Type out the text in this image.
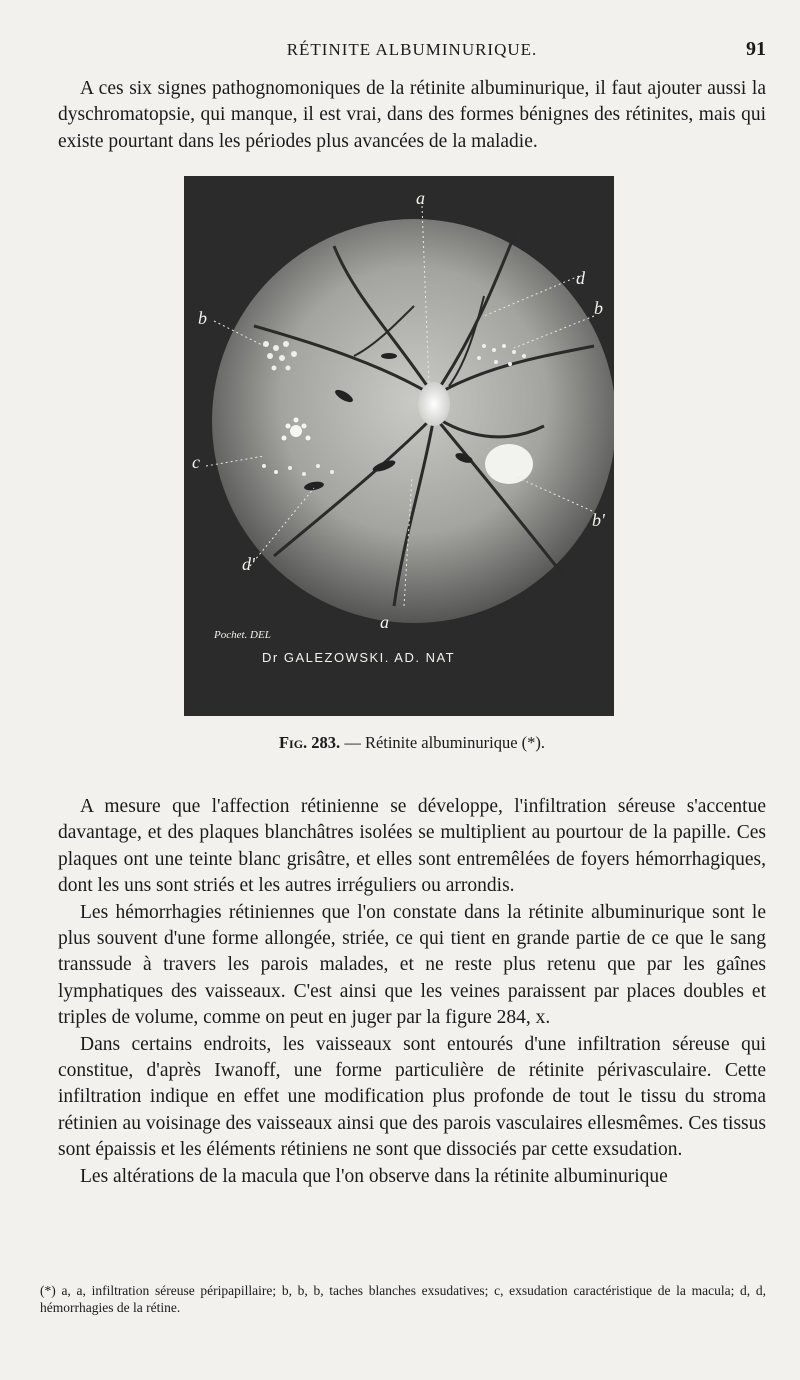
RÉTINITE ALBUMINURIQUE.	91

A ces six signes pathognomoniques de la rétinite albuminurique, il faut ajouter aussi la dyschromatopsie, qui manque, il est vrai, dans des formes bénignes des rétinites, mais qui existe pourtant dans les périodes plus avancées de la maladie.

a
a
b	b
b'
c
d
d'
Pochet. DEL
Dr GALEZOWSKI. AD. NAT
Fig. 283. — Rétinite albuminurique (*).

A mesure que l'affection rétinienne se développe, l'infiltration séreuse s'accentue davantage, et des plaques blanchâtres isolées se multiplient au pourtour de la papille. Ces plaques ont une teinte blanc grisâtre, et elles sont entremêlées de foyers hémorrhagiques, dont les uns sont striés et les autres irréguliers ou arrondis.

Les hémorrhagies rétiniennes que l'on constate dans la rétinite albuminurique sont le plus souvent d'une forme allongée, striée, ce qui tient en grande partie de ce que le sang transsude à travers les parois malades, et ne reste plus retenu que par les gaînes lymphatiques des vaisseaux. C'est ainsi que les veines paraissent par places doubles et triples de volume, comme on peut en juger par la figure 284, x.

Dans certains endroits, les vaisseaux sont entourés d'une infiltration séreuse qui constitue, d'après Iwanoff, une forme particulière de rétinite périvasculaire. Cette infiltration indique en effet une modification plus profonde de tout le tissu du stroma rétinien au voisinage des vaisseaux ainsi que des parois vasculaires ellesmêmes. Ces tissus sont épaissis et les éléments rétiniens ne sont que dissociés par cette exsudation.

Les altérations de la macula que l'on observe dans la rétinite albuminurique

(*) a, a, infiltration séreuse péripapillaire; b, b, b, taches blanches exsudatives; c, exsudation caractéristique de la macula; d, d, hémorrhagies de la rétine.
